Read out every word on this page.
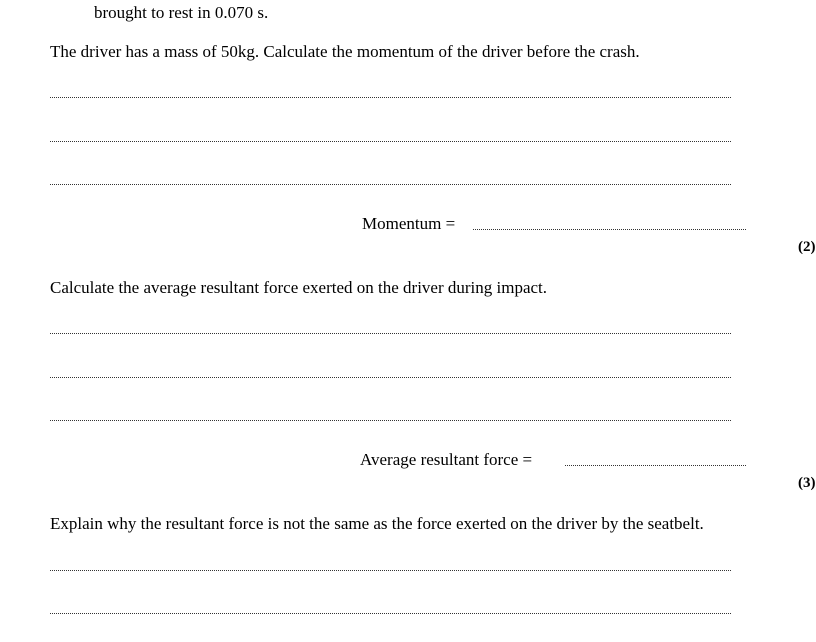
brought to rest in 0.070 s.
The driver has a mass of 50kg. Calculate the momentum of the driver before the crash.
Momentum =
(2)
Calculate the average resultant force exerted on the driver during impact.
Average resultant force =
(3)
Explain why the resultant force is not the same as the force exerted on the driver by the seatbelt.
